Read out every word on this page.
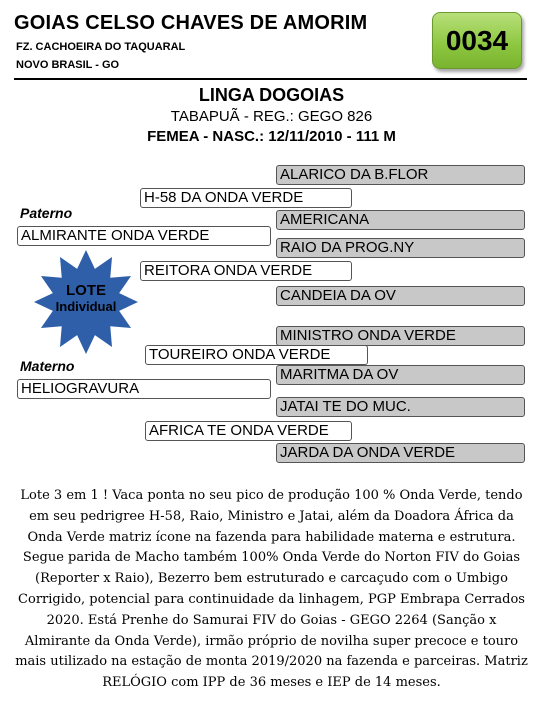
GOIAS CELSO CHAVES DE AMORIM
FZ. CACHOEIRA DO TAQUARAL
NOVO BRASIL - GO
0034
LINGA DOGOIAS
TABAPUÃ - REG.: GEGO 826
FEMEA - NASC.: 12/11/2010 - 111 M
ALARICO DA B.FLOR
H-58 DA ONDA VERDE
AMERICANA
Paterno
ALMIRANTE ONDA VERDE
RAIO DA PROG.NY
REITORA ONDA VERDE
CANDEIA DA OV
LOTE
Individual
MINISTRO ONDA VERDE
TOUREIRO ONDA VERDE
Materno	MARITMA DA OV
HELIOGRAVURA
JATAI TE DO MUC.
AFRICA TE ONDA VERDE
JARDA DA ONDA VERDE
Lote 3 em 1 ! Vaca ponta no seu pico de produção 100 % Onda Verde, tendo em seu pedrigree H-58, Raio, Ministro e Jatai, além da Doadora África da Onda Verde matriz ícone na fazenda para habilidade materna e estrutura. Segue parida de Macho também 100% Onda Verde do Norton FIV do Goias (Reporter x Raio), Bezerro bem estruturado e carcaçudo com o Umbigo Corrigido, potencial para continuidade da linhagem, PGP Embrapa Cerrados 2020. Está Prenhe do Samurai FIV do Goias - GEGO 2264 (Sanção x Almirante da Onda Verde), irmão próprio de novilha super precoce e touro mais utilizado na estação de monta 2019/2020 na fazenda e parceiras. Matriz RELÓGIO com IPP de 36 meses e IEP de 14 meses.
